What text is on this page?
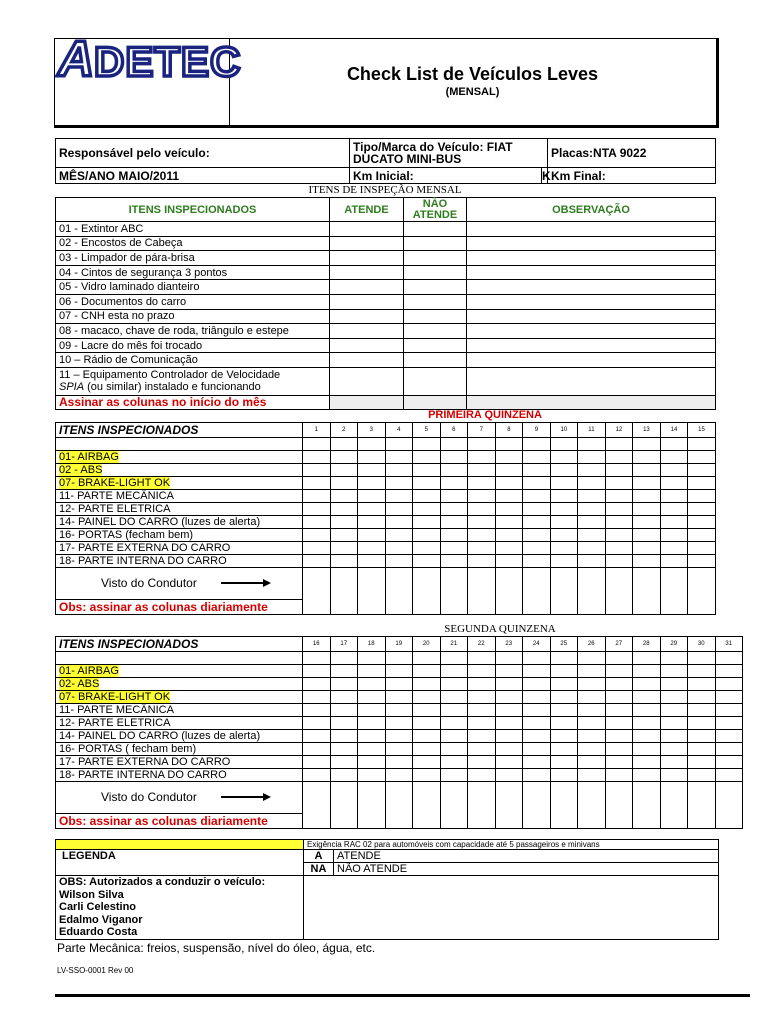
A DETEC	Check List de Veículos Leves
(MENSAL)
Responsável pelo veículo:	Tipo/Marca do Veículo: FIAT
DUCATO MINI-BUS		Placas:NTA 9022
MÊS/ANO MAIO/2011	Km Inicial:	K	Km Final:
ITENS DE INSPEÇÃO MENSAL
ITENS INSPECIONADOS	ATENDE	NÃO
ATENDE	OBSERVAÇÃO
01 - Extintor ABC			
02 - Encostos de Cabeça			
03 - Limpador de pára-brisa			
04 - Cintos de segurança 3 pontos			
05 - Vidro laminado dianteiro			
06 - Documentos do carro			
07 - CNH esta no prazo			
08 - macaco, chave de roda, triângulo e estepe			
09 - Lacre do mês foi trocado			
10 – Rádio de Comunicação			

11 – Equipamento Controlador de Velocidade
SPIA (ou similar) instalado e funcionando			

Assinar as colunas no início do mês			
PRIMEIRA QUINZENA
ITENS INSPECIONADOS	1	2	3	4	5	6	7	8	9	10	11	12	13	14	15

01- AIRBAG															
02 - ABS															
07- BRAKE-LIGHT OK															
11- PARTE MECÂNICA															
12- PARTE ELETRICA															
14- PAINEL DO CARRO (luzes de alerta)															
16- PORTAS (fecham bem)															
17- PARTE EXTERNA DO CARRO															
18- PARTE INTERNA DO CARRO															
Visto do Condutor															
Obs: assinar as colunas diariamente															
SEGUNDA QUINZENA
ITENS INSPECIONADOS	16	17	18	19	20	21	22	23	24	25	26	27	28	29	30	31

01- AIRBAG																
02- ABS																
07- BRAKE-LIGHT OK																
11- PARTE MECÂNICA																
12- PARTE ELETRICA																
14- PAINEL DO CARRO (luzes de alerta)																
16- PORTAS ( fecham bem)																
17- PARTE EXTERNA DO CARRO																
18- PARTE INTERNA DO CARRO																
Visto do Condutor																
Obs: assinar as colunas diariamente																
	Exigência RAC 02 para automóveis com capacidade até 5 passageiros e minivans	
LEGENDA	A	ATENDE
	NA	NÃO ATENDE

OBS: Autorizados a conduzir o veículo:
Wilson Silva
Carli Celestino
Edalmo Viganor
Eduardo Costa		

Parte Mecânica: freios, suspensão, nível do óleo, água, etc.
LV-SSO-0001 Rev 00
